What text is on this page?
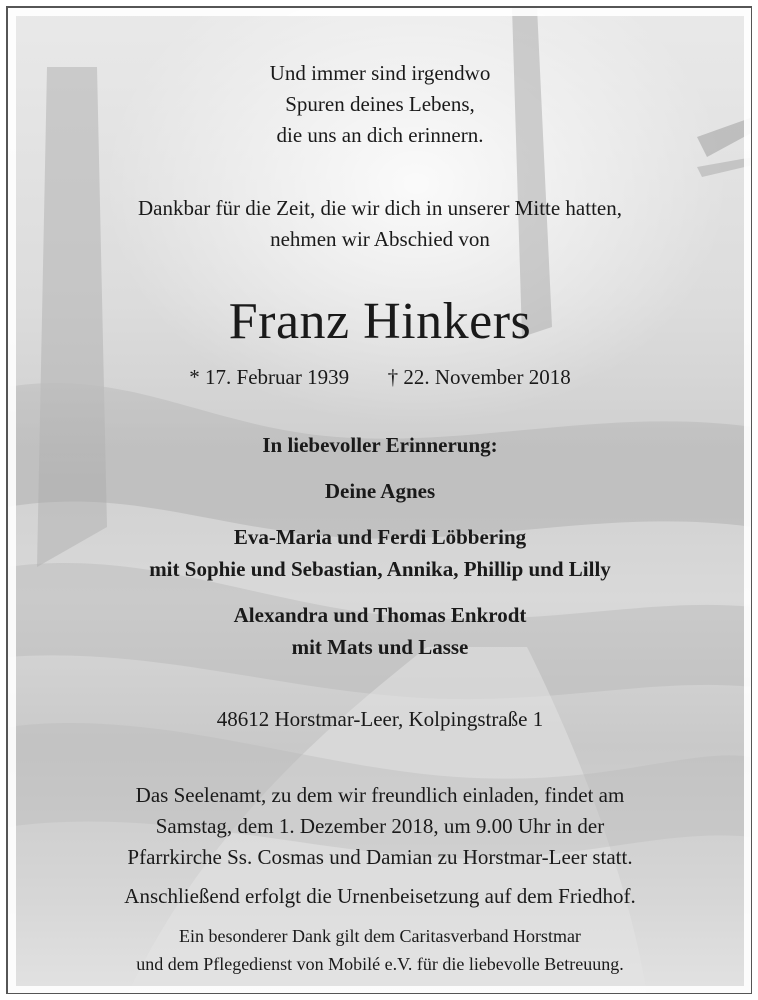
Und immer sind irgendwo
Spuren deines Lebens,
die uns an dich erinnern.
Dankbar für die Zeit, die wir dich in unserer Mitte hatten,
nehmen wir Abschied von
Franz Hinkers
* 17. Februar 1939 † 22. November 2018
In liebevoller Erinnerung:
Deine Agnes
Eva-Maria und Ferdi Löbbering
mit Sophie und Sebastian, Annika, Phillip und Lilly
Alexandra und Thomas Enkrodt
mit Mats und Lasse
48612 Horstmar-Leer, Kolpingstraße 1
Das Seelenamt, zu dem wir freundlich einladen, findet am
Samstag, dem 1. Dezember 2018, um 9.00 Uhr in der
Pfarrkirche Ss. Cosmas und Damian zu Horstmar-Leer statt.
Anschließend erfolgt die Urnenbeisetzung auf dem Friedhof.
Ein besonderer Dank gilt dem Caritasverband Horstmar
und dem Pflegedienst von Mobilé e.V. für die liebevolle Betreuung.
